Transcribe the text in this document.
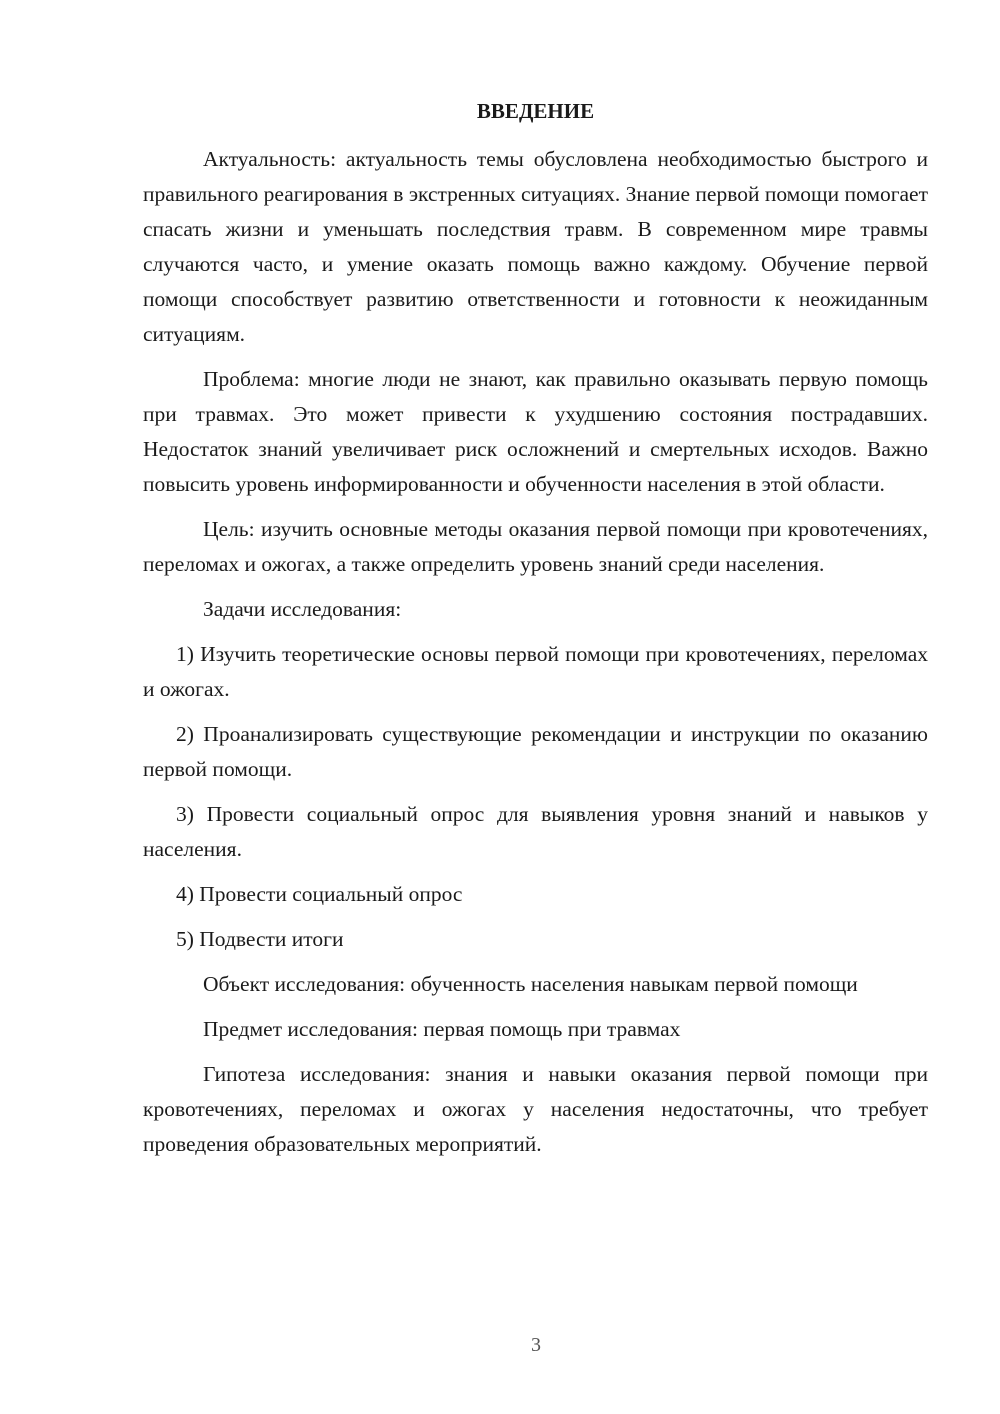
ВВЕДЕНИЕ

Актуальность: актуальность темы обусловлена необходимостью быстрого и правильного реагирования в экстренных ситуациях. Знание первой помощи помогает спасать жизни и уменьшать последствия травм. В современном мире травмы случаются часто, и умение оказать помощь важно каждому. Обучение первой помощи способствует развитию ответственности и готовности к неожиданным ситуациям.

Проблема: многие люди не знают, как правильно оказывать первую помощь при травмах. Это может привести к ухудшению состояния пострадавших. Недостаток знаний увеличивает риск осложнений и смертельных исходов. Важно повысить уровень информированности и обученности населения в этой области.

Цель: изучить основные методы оказания первой помощи при кровотечениях, переломах и ожогах, а также определить уровень знаний среди населения.

Задачи исследования:

1) Изучить теоретические основы первой помощи при кровотечениях, переломах и ожогах.

2) Проанализировать существующие рекомендации и инструкции по оказанию первой помощи.

3) Провести социальный опрос для выявления уровня знаний и навыков у населения.

4) Провести социальный опрос

5) Подвести итоги

Объект исследования: обученность населения навыкам первой помощи

Предмет исследования: первая помощь при травмах

Гипотеза исследования: знания и навыки оказания первой помощи при кровотечениях, переломах и ожогах у населения недостаточны, что требует проведения образовательных мероприятий.

3
